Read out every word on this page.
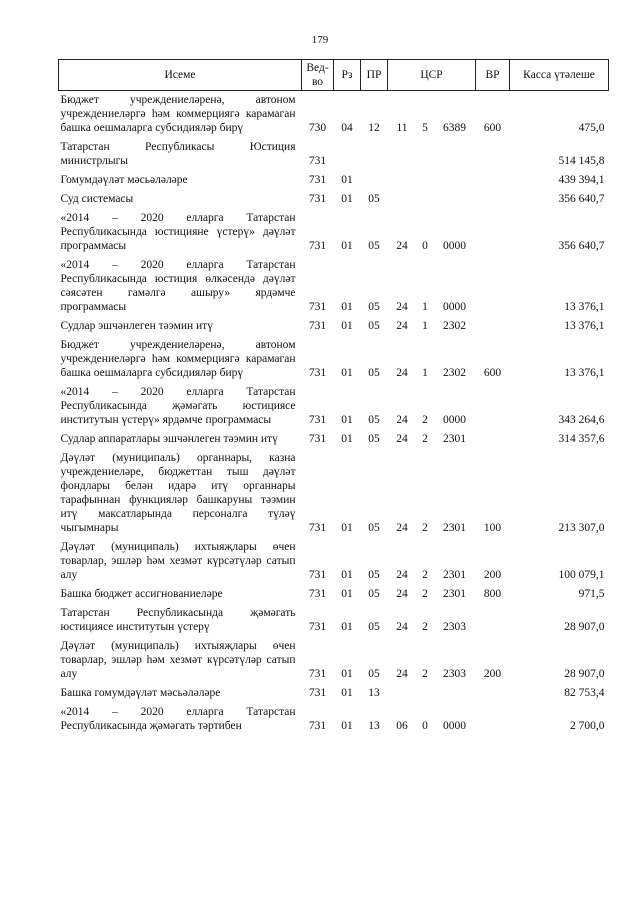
179
Исеме	Вед-во	Рз	ПР	ЦСР			ВР	Касса үтәлеше
Бюджет учреждениеләренә, автоном учреждениеләргә һәм коммерциягә карамаган башка оешмаларга субсидияләр бирү	730	04	12	11	5	6389	600	475,0
Татарстан Республикасы Юстиция министрлыгы	731							514 145,8
Гомумдәүләт мәсьәләләре	731	01						439 394,1
Суд системасы	731	01	05					356 640,7
«2014 – 2020 елларга Татарстан Республикасында юстицияне үстерү» дәүләт программасы	731	01	05	24	0	0000		356 640,7
«2014 – 2020 елларга Татарстан Республикасында юстиция өлкәсендә дәүләт сәясәтен гамәлгә ашыру» ярдәмче программасы	731	01	05	24	1	0000		13 376,1
Судлар эшчәнлеген тәэмин итү	731	01	05	24	1	2302		13 376,1
Бюджет учреждениеләренә, автоном учреждениеләргә һәм коммерциягә карамаган башка оешмаларга субсидияләр бирү	731	01	05	24	1	2302	600	13 376,1
«2014 – 2020 елларга Татарстан Республикасында җәмәгать юстициясе институтын үстерү» ярдәмче программасы	731	01	05	24	2	0000		343 264,6
Судлар аппаратлары эшчәнлеген тәэмин итү	731	01	05	24	2	2301		314 357,6
Дәүләт (муниципаль) органнары, казна учреждениеләре, бюджеттан тыш дәүләт фондлары белән идарә итү органнары тарафыннан функцияләр башкаруны тәэмин итү максатларында персоналга түләү чыгымнары	731	01	05	24	2	2301	100	213 307,0
Дәүләт (муниципаль) ихтыяҗлары өчен товарлар, эшләр һәм хезмәт күрсәтүләр сатып алу	731	01	05	24	2	2301	200	100 079,1
Башка бюджет ассигнованиеләре	731	01	05	24	2	2301	800	971,5
Татарстан Республикасында җәмәгать юстициясе институтын үстерү	731	01	05	24	2	2303		28 907,0
Дәүләт (муниципаль) ихтыяҗлары өчен товарлар, эшләр һәм хезмәт күрсәтүләр сатып алу	731	01	05	24	2	2303	200	28 907,0
Башка гомумдәүләт мәсьәләләре	731	01	13					82 753,4
«2014 – 2020 елларга Татарстан Республикасында җәмәгать тәртибен	731	01	13	06	0	0000		2 700,0
